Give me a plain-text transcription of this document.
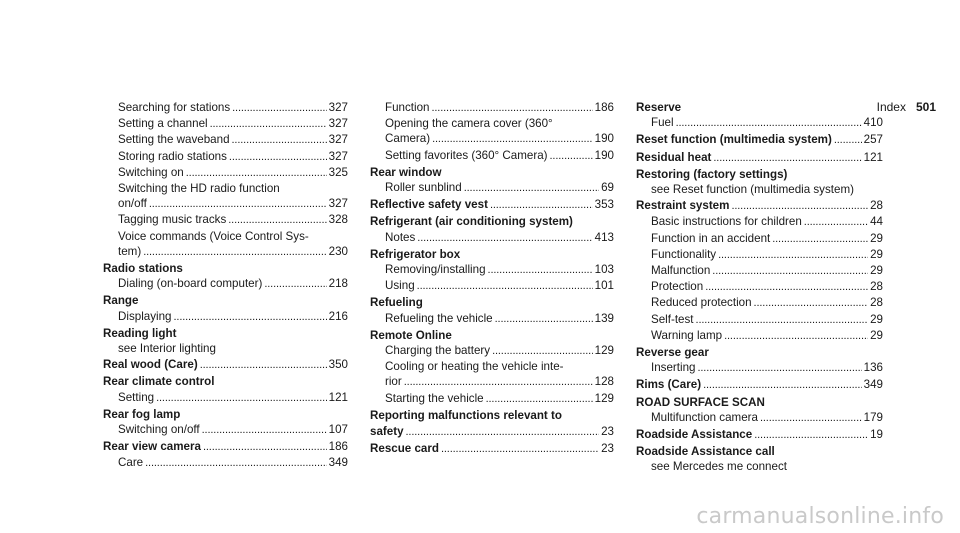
Index 501
Searching for stations . . .	327
Setting a channel . . .	327
Setting the waveband . . .	327
Storing radio stations . . .	327
Switching on . . .	325
Switching the HD radio function
on/off . . .	327
Tagging music tracks . . .	328
Voice commands (Voice Control Sys-
tem) . . .	230
Radio stations
Dialing (on-board computer) . . .	218
Range
Displaying . . .	216
Reading light
see Interior lighting
Real wood (Care) . . .	350
Rear climate control
Setting . . .	121
Rear fog lamp
Switching on/off . . .	107
Rear view camera . . .	186
Care . . .	349
Function . . .	186
Opening the camera cover (360°
Camera) . . .	190
Setting favorites (360° Camera) . . .	190
Rear window
Roller sunblind . . .	69
Reflective safety vest . . .	353
Refrigerant (air conditioning system)
Notes . . .	413
Refrigerator box
Removing/installing . . .	103
Using . . .	101
Refueling
Refueling the vehicle . . .	139
Remote Online
Charging the battery . . .	129
Cooling or heating the vehicle inte-
rior . . .	128
Starting the vehicle . . .	129
Reporting malfunctions relevant to
safety . . .	23
Rescue card . . .	23
Reserve
Fuel . . .	410
Reset function (multimedia system) . . .	257
Residual heat . . .	121
Restoring (factory settings)
see Reset function (multimedia system)
Restraint system . . .	28
Basic instructions for children . . .	44
Function in an accident . . .	29
Functionality . . .	29
Malfunction . . .	29
Protection . . .	28
Reduced protection . . .	28
Self-test . . .	29
Warning lamp . . .	29
Reverse gear
Inserting . . .	136
Rims (Care) . . .	349
ROAD SURFACE SCAN
Multifunction camera . . .	179
Roadside Assistance . . .	19
Roadside Assistance call
see Mercedes me connect
carmanualsonline.info
